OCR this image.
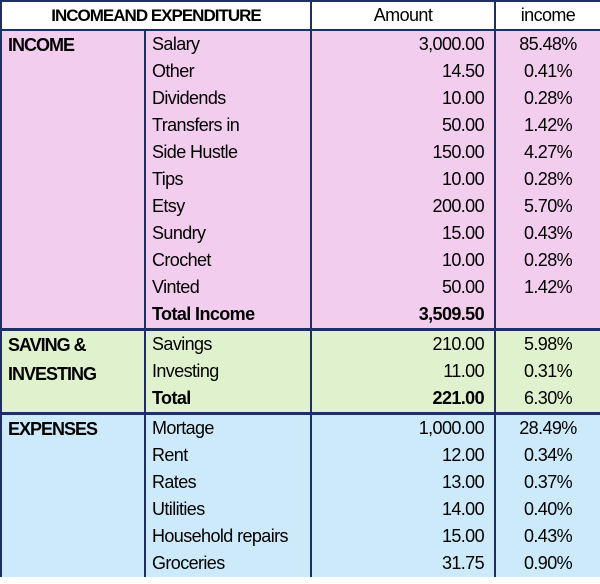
INCOMEAND EXPENDITURE		Amount	income
INCOME	Salary	3,000.00	85.48%
	Other	14.50	0.41%
	Dividends	10.00	0.28%
	Transfers in	50.00	1.42%
	Side Hustle	150.00	4.27%
	Tips	10.00	0.28%
	Etsy	200.00	5.70%
	Sundry	15.00	0.43%
	Crochet	10.00	0.28%
	Vinted	50.00	1.42%
	Total Income	3,509.50	

SAVING &
INVESTING	Savings	210.00	5.98%
	Investing	11.00	0.31%
	Total	221.00	6.30%
EXPENSES	Mortage	1,000.00	28.49%
	Rent	12.00	0.34%
	Rates	13.00	0.37%
	Utilities	14.00	0.40%
	Household repairs	15.00	0.43%
	Groceries	31.75	0.90%
